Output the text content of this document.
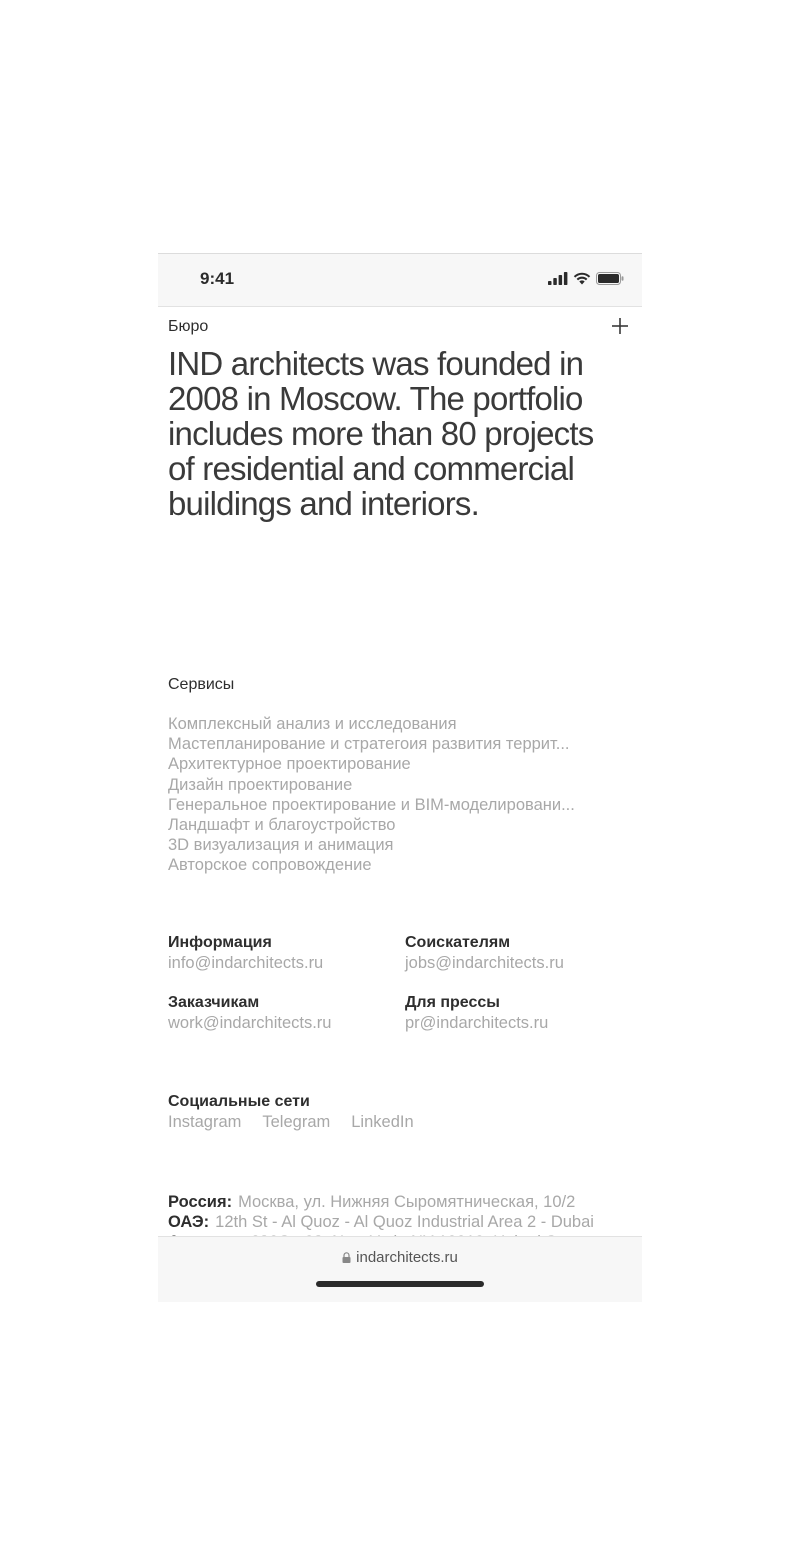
9:41
Бюро

IND architects was founded in 2008 in Moscow. The portfolio includes more than 80 projects of residential and commercial buildings and interiors.

Сервисы
Комплексный анализ и исследования
Мастепланирование и стратегоия развития террит...
Архитектурное проектирование
Дизайн проектирование
Генеральное проектирование и BIM-моделировани...
Ландшафт и благоустройство
3D визуализация и анимация
Авторское сопровождение
Информация
info@indarchitects.ru
Соискателям
jobs@indarchitects.ru
Заказчикам
work@indarchitects.ru
Для прессы
pr@indarchitects.ru
Социальные сети
Instagram Telegram LinkedIn
Россия: Москва, ул. Нижняя Сыромятническая, 10/2
ОАЭ: 12th St - Al Quoz - Al Quoz Industrial Area 2 - Dubai
indarchitects.ru
